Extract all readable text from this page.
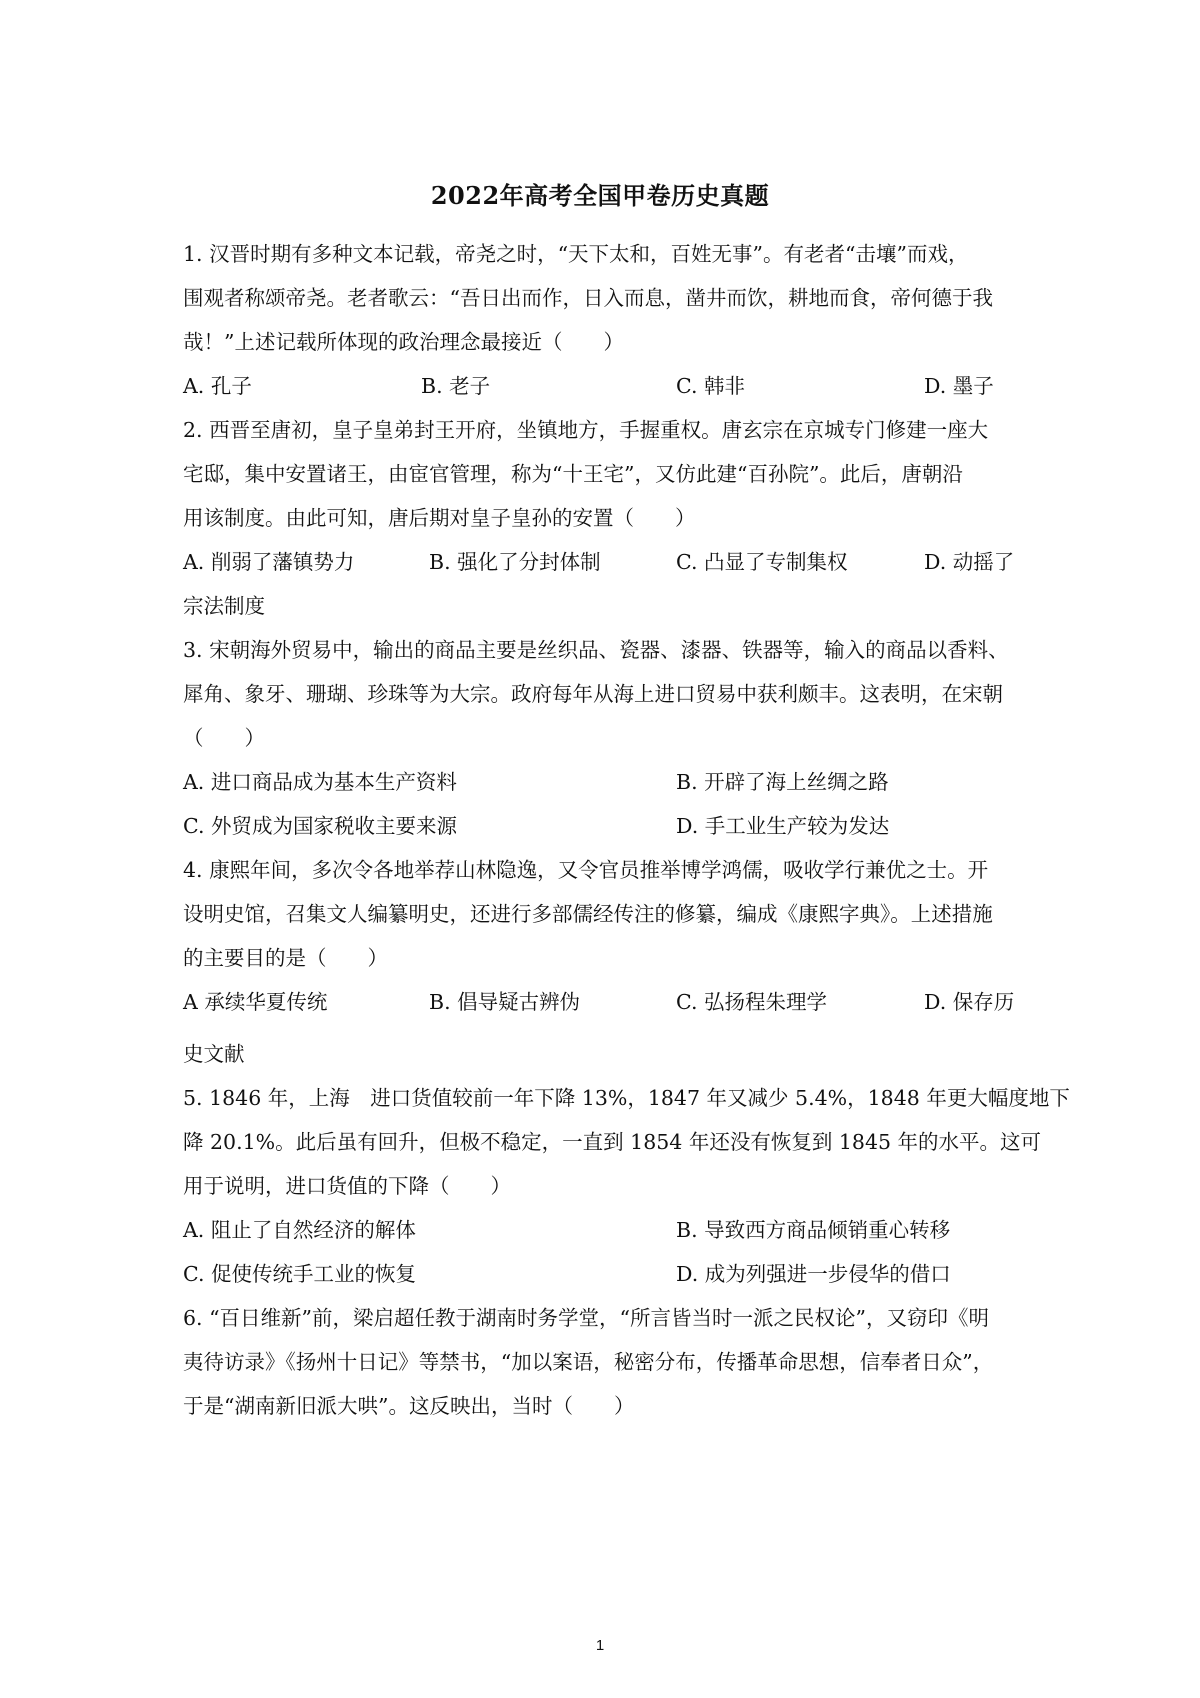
2022年高考全国甲卷历史真题
1. 汉晋时期有多种文本记载，帝尧之时，“天下太和，百姓无事”。有老者“击壤”而戏，
围观者称颂帝尧。老者歌云：“吾日出而作，日入而息，凿井而饮，耕地而食，帝何德于我
哉！”上述记载所体现的政治理念最接近（　　）
A. 孔子	B. 老子	C. 韩非	D. 墨子
2. 西晋至唐初，皇子皇弟封王开府，坐镇地方，手握重权。唐玄宗在京城专门修建一座大
宅邸，集中安置诸王，由宦官管理，称为“十王宅”，又仿此建“百孙院”。此后，唐朝沿
用该制度。由此可知，唐后期对皇子皇孙的安置（　　）
A. 削弱了藩镇势力	B. 强化了分封体制	C. 凸显了专制集权	D. 动摇了
宗法制度
3. 宋朝海外贸易中，输出的商品主要是丝织品、瓷器、漆器、铁器等，输入的商品以香料、
犀角、象牙、珊瑚、珍珠等为大宗。政府每年从海上进口贸易中获利颇丰。这表明，在宋朝
（　　）
A. 进口商品成为基本生产资料	B. 开辟了海上丝绸之路
C. 外贸成为国家税收主要来源	D. 手工业生产较为发达
4. 康熙年间，多次令各地举荐山林隐逸，又令官员推举博学鸿儒，吸收学行兼优之士。开
设明史馆，召集文人编纂明史，还进行多部儒经传注的修纂，编成《康熙字典》。上述措施
的主要目的是（　　）
A 承续华夏传统	B. 倡导疑古辨伪	C. 弘扬程朱理学	D. 保存历
史文献
5. 1846 年，上海　进口货值较前一年下降 13%，1847 年又减少 5.4%，1848 年更大幅度地下
降 20.1%。此后虽有回升，但极不稳定，一直到 1854 年还没有恢复到 1845 年的水平。这可
用于说明，进口货值的下降（　　）
A. 阻止了自然经济的解体	B. 导致西方商品倾销重心转移
C. 促使传统手工业的恢复	D. 成为列强进一步侵华的借口
6. “百日维新”前，梁启超任教于湖南时务学堂，“所言皆当时一派之民权论”，又窃印《明
夷待访录》《扬州十日记》等禁书，“加以案语，秘密分布，传播革命思想，信奉者日众”，
于是“湖南新旧派大哄”。这反映出，当时（　　）
1
